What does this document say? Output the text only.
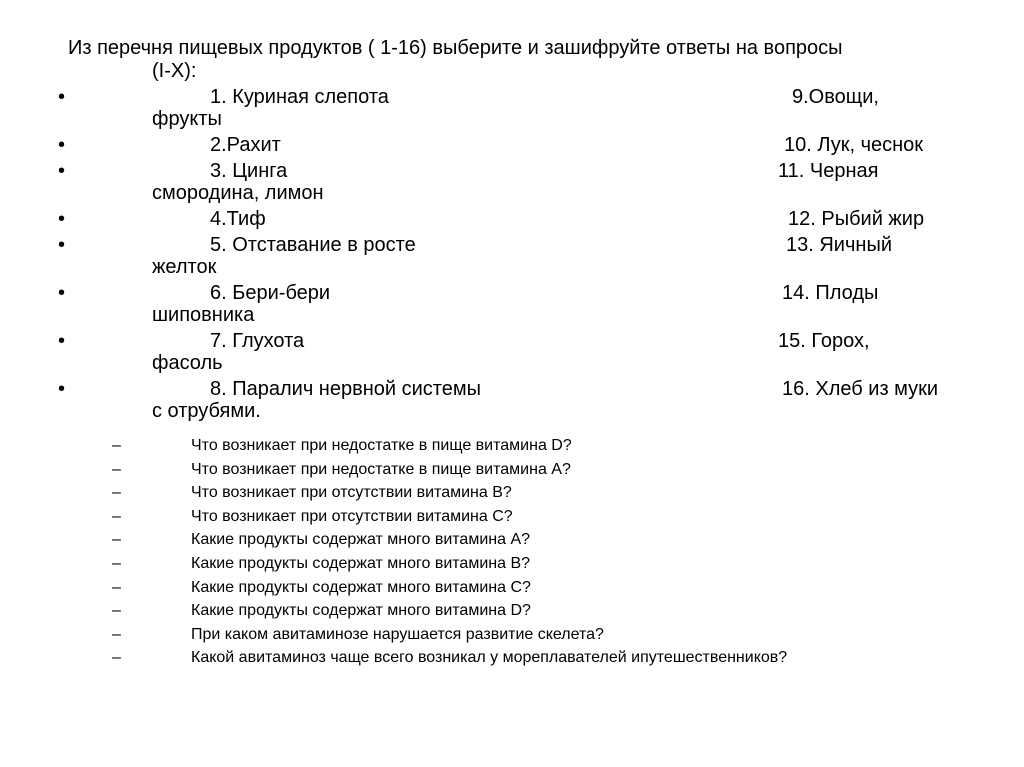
Из перечня пищевых продуктов ( 1-16) выберите и зашифруйте ответы на вопросы
(I-X):
•	1. Куриная слепота	9.Овощи,
фрукты
•	2.Рахит	10. Лук, чеснок
•	3. Цинга	11. Черная
смородина, лимон
•	4.Тиф	12. Рыбий жир
•	5. Отставание в росте	13. Яичный
желток
•	6. Бери-бери	14. Плоды
шиповника
•	7. Глухота	15. Горох,
фасоль
•	8. Паралич нервной системы	16. Хлеб из муки
с отрубями.
–	Что возникает при недостатке в пище витамина D?
–	Что возникает при недостатке в пище витамина A?
–	Что возникает при отсутствии витамина B?
–	Что возникает при отсутствии витамина C?
–	Какие продукты содержат много витамина A?
–	Какие продукты содержат много витамина B?
–	Какие продукты содержат много витамина C?
–	Какие продукты содержат много витамина D?
–	При каком авитаминозе нарушается развитие скелета?
–	Какой авитаминоз чаще всего возникал у мореплавателей ипутешественников?
